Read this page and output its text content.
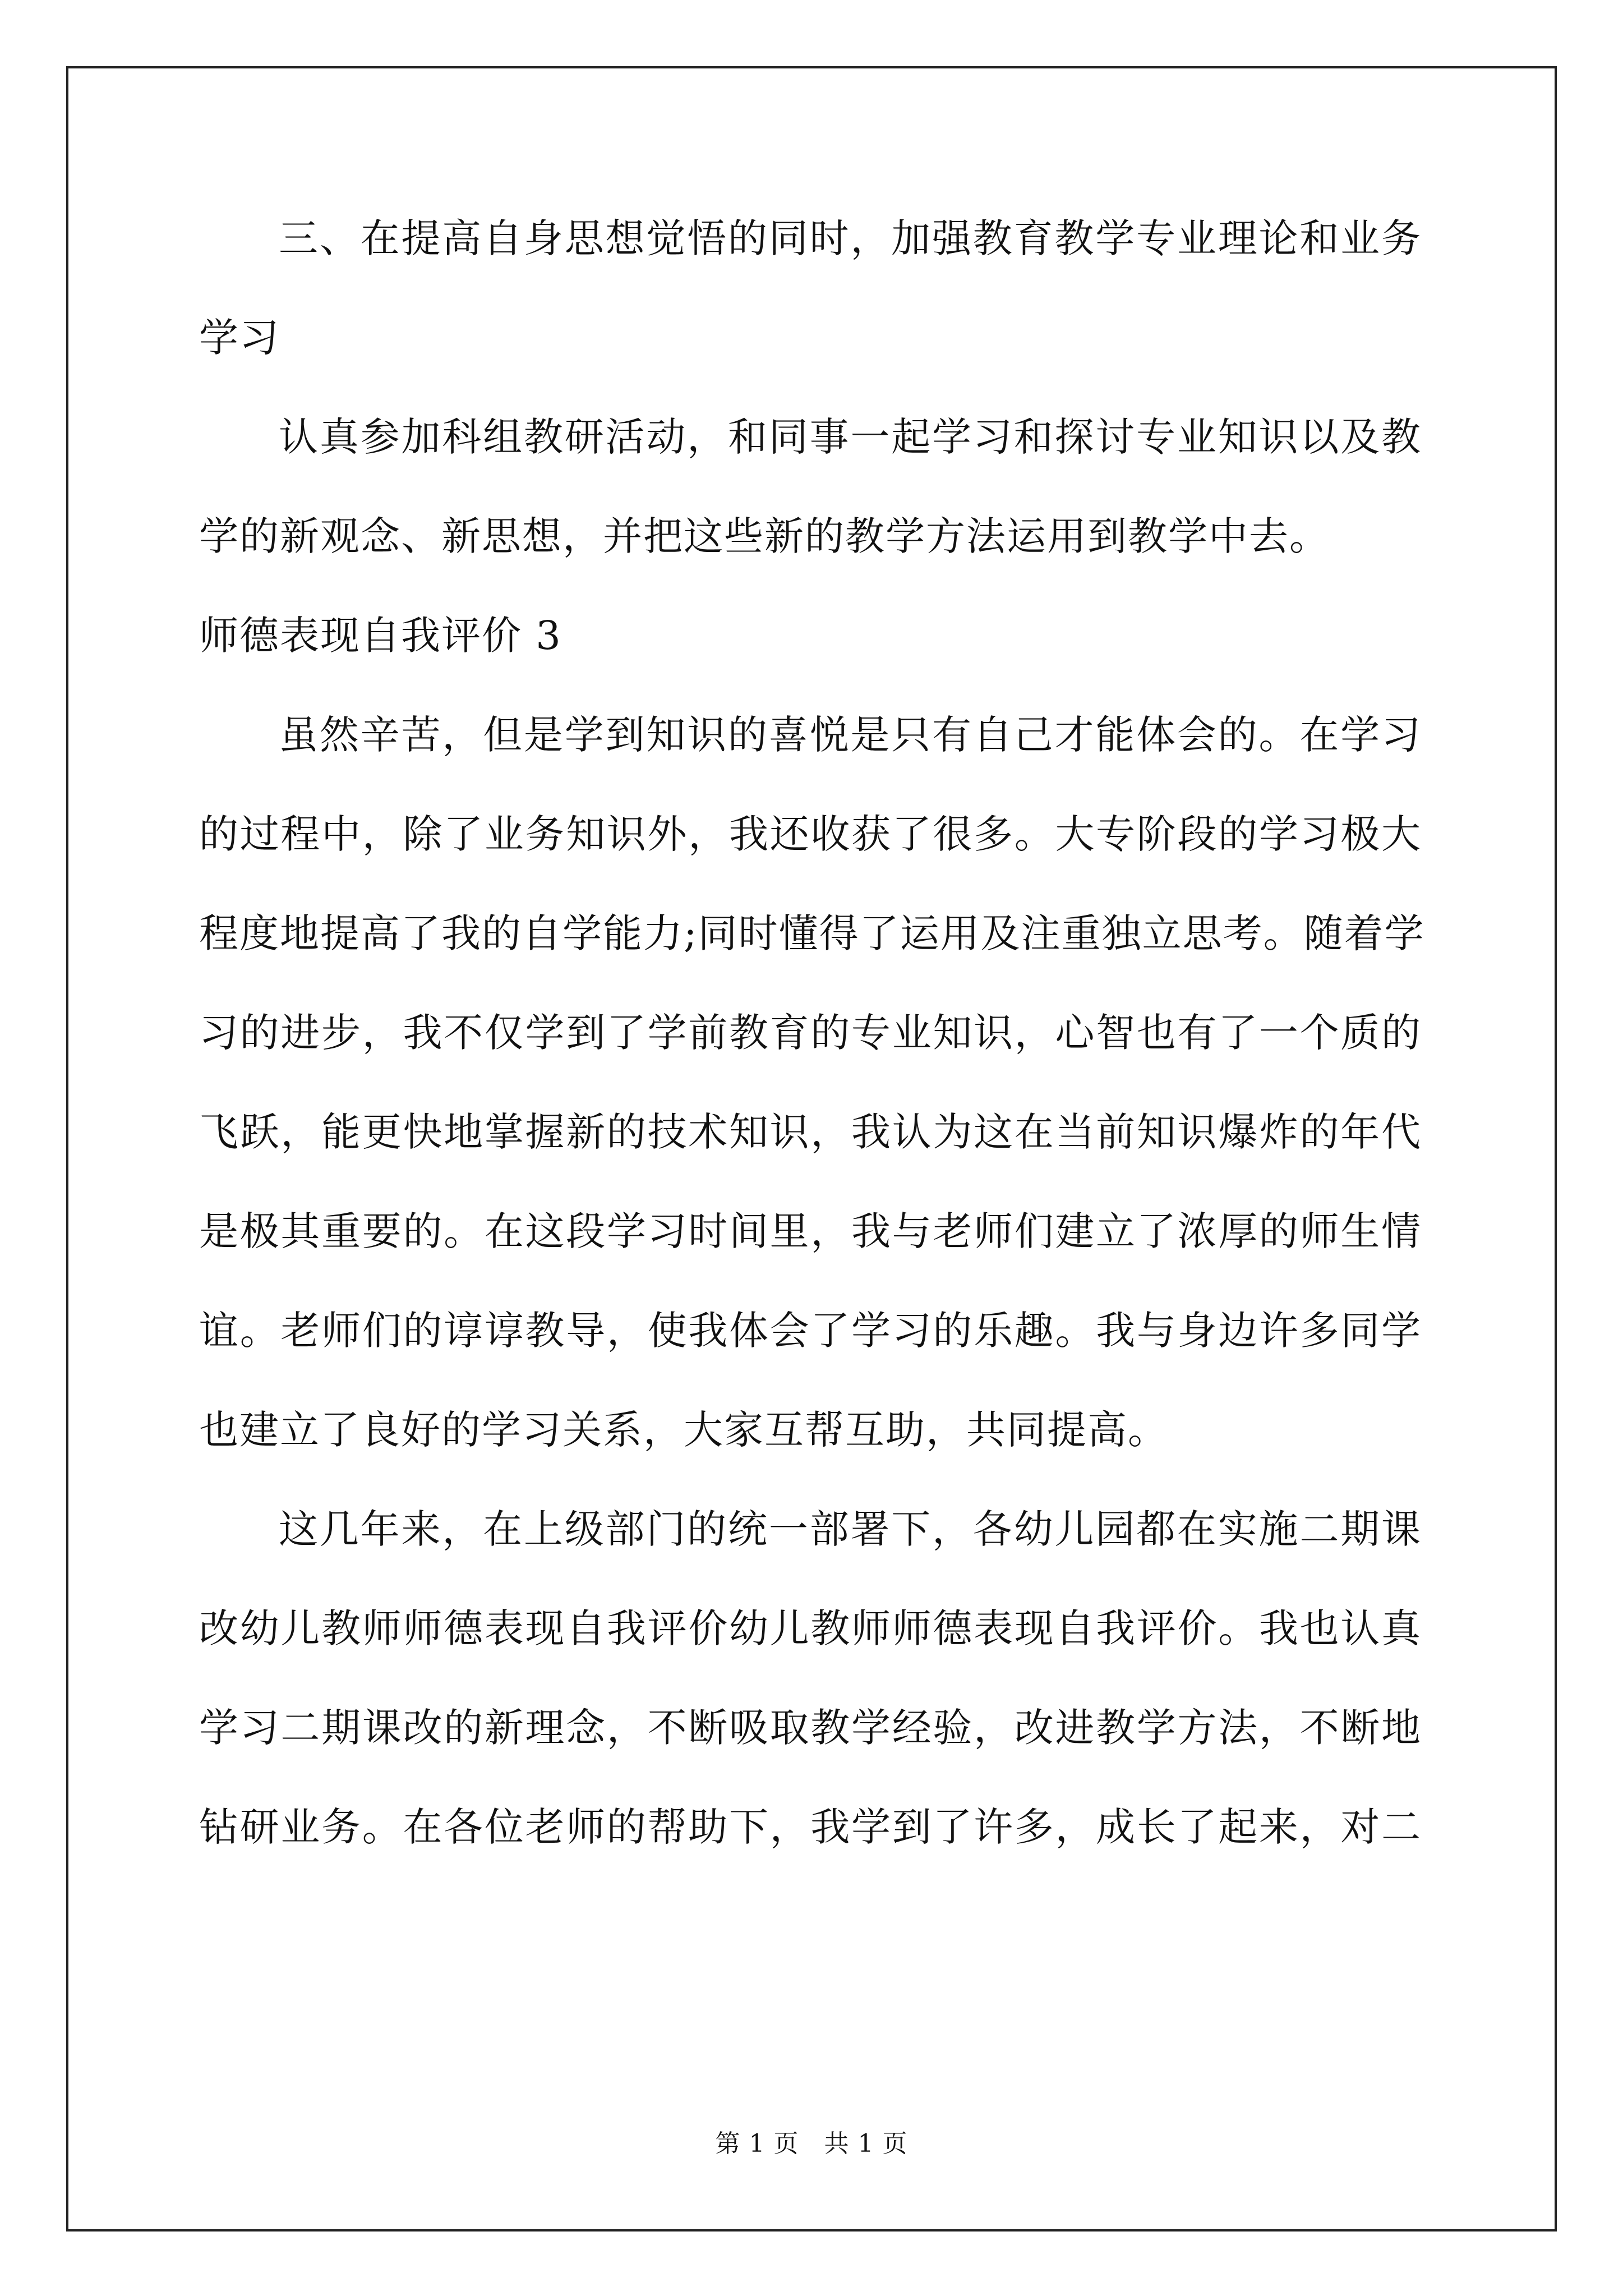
三、在提高自身思想觉悟的同时，加强教育教学专业理论和业务

学习

认真参加科组教研活动，和同事一起学习和探讨专业知识以及教

学的新观念、新思想，并把这些新的教学方法运用到教学中去。

师德表现自我评价 3

虽然辛苦，但是学到知识的喜悦是只有自己才能体会的。在学习

的过程中，除了业务知识外，我还收获了很多。大专阶段的学习极大

程度地提高了我的自学能力;同时懂得了运用及注重独立思考。随着学

习的进步，我不仅学到了学前教育的专业知识，心智也有了一个质的

飞跃，能更快地掌握新的技术知识，我认为这在当前知识爆炸的年代

是极其重要的。在这段学习时间里，我与老师们建立了浓厚的师生情

谊。老师们的谆谆教导，使我体会了学习的乐趣。我与身边许多同学

也建立了良好的学习关系，大家互帮互助，共同提高。

这几年来，在上级部门的统一部署下，各幼儿园都在实施二期课

改幼儿教师师德表现自我评价幼儿教师师德表现自我评价。我也认真

学习二期课改的新理念，不断吸取教学经验，改进教学方法，不断地

钻研业务。在各位老师的帮助下，我学到了许多，成长了起来，对二

第 1 页 共 1 页
